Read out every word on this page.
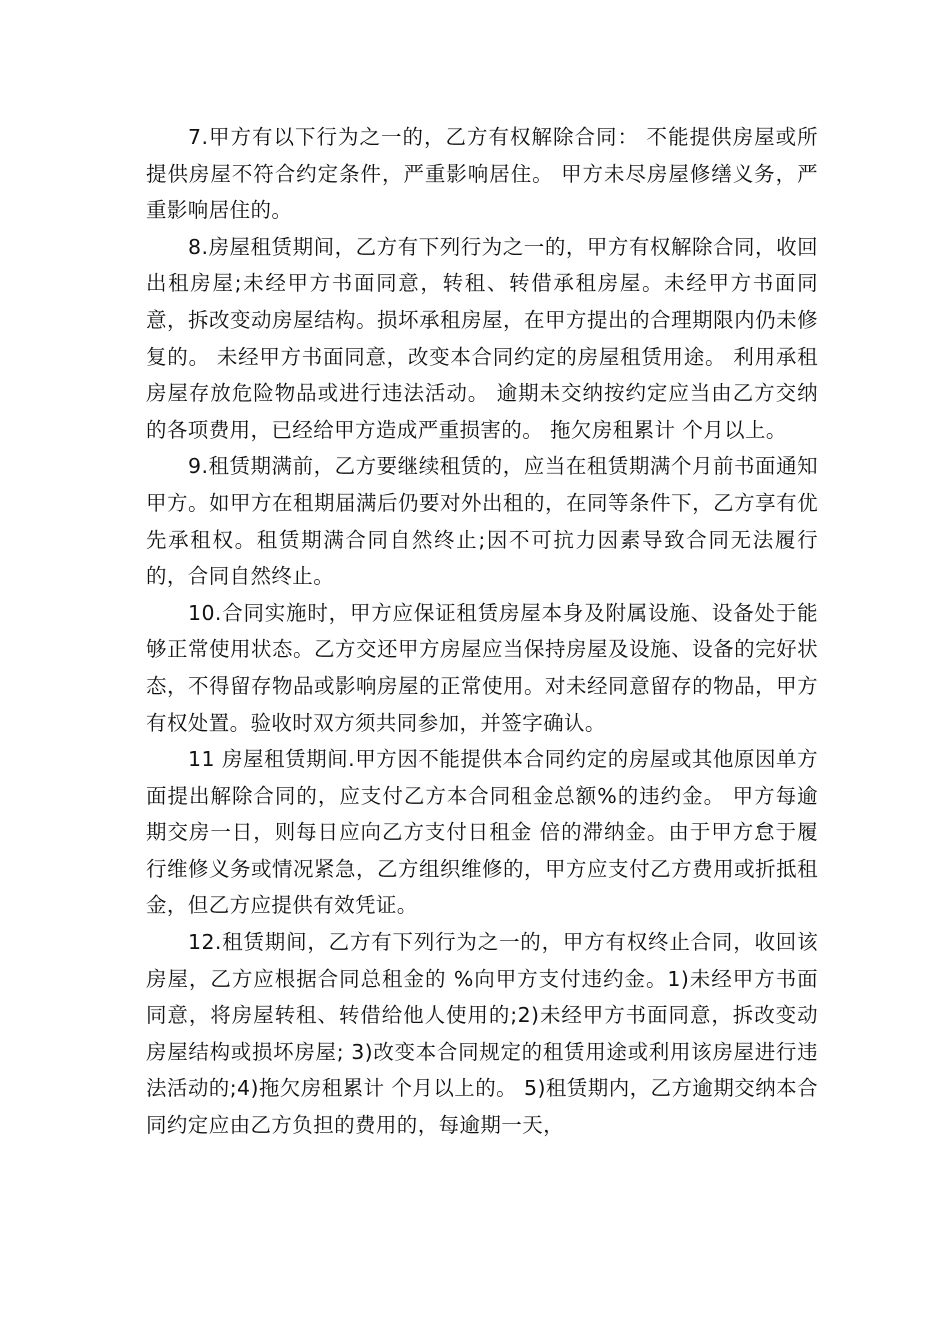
7.甲方有以下行为之一的，乙方有权解除合同： 不能提供房屋或所提供房屋不符合约定条件，严重影响居住。 甲方未尽房屋修缮义务，严重影响居住的。

8.房屋租赁期间，乙方有下列行为之一的，甲方有权解除合同，收回出租房屋;未经甲方书面同意，转租、转借承租房屋。未经甲方书面同意，拆改变动房屋结构。损坏承租房屋，在甲方提出的合理期限内仍未修复的。 未经甲方书面同意，改变本合同约定的房屋租赁用途。 利用承租房屋存放危险物品或进行违法活动。 逾期未交纳按约定应当由乙方交纳的各项费用，已经给甲方造成严重损害的。 拖欠房租累计 个月以上。

9.租赁期满前，乙方要继续租赁的，应当在租赁期满个月前书面通知甲方。如甲方在租期届满后仍要对外出租的，在同等条件下，乙方享有优先承租权。租赁期满合同自然终止;因不可抗力因素导致合同无法履行的，合同自然终止。

10.合同实施时，甲方应保证租赁房屋本身及附属设施、设备处于能够正常使用状态。乙方交还甲方房屋应当保持房屋及设施、设备的完好状态，不得留存物品或影响房屋的正常使用。对未经同意留存的物品，甲方有权处置。验收时双方须共同参加，并签字确认。

11 房屋租赁期间.甲方因不能提供本合同约定的房屋或其他原因单方面提出解除合同的，应支付乙方本合同租金总额%的违约金。 甲方每逾期交房一日，则每日应向乙方支付日租金 倍的滞纳金。由于甲方怠于履行维修义务或情况紧急，乙方组织维修的，甲方应支付乙方费用或折抵租金，但乙方应提供有效凭证。

12.租赁期间，乙方有下列行为之一的，甲方有权终止合同，收回该房屋，乙方应根据合同总租金的 %向甲方支付违约金。1)未经甲方书面同意，将房屋转租、转借给他人使用的;2)未经甲方书面同意，拆改变动房屋结构或损坏房屋; 3)改变本合同规定的租赁用途或利用该房屋进行违法活动的;4)拖欠房租累计 个月以上的。 5)租赁期内，乙方逾期交纳本合同约定应由乙方负担的费用的，每逾期一天，
